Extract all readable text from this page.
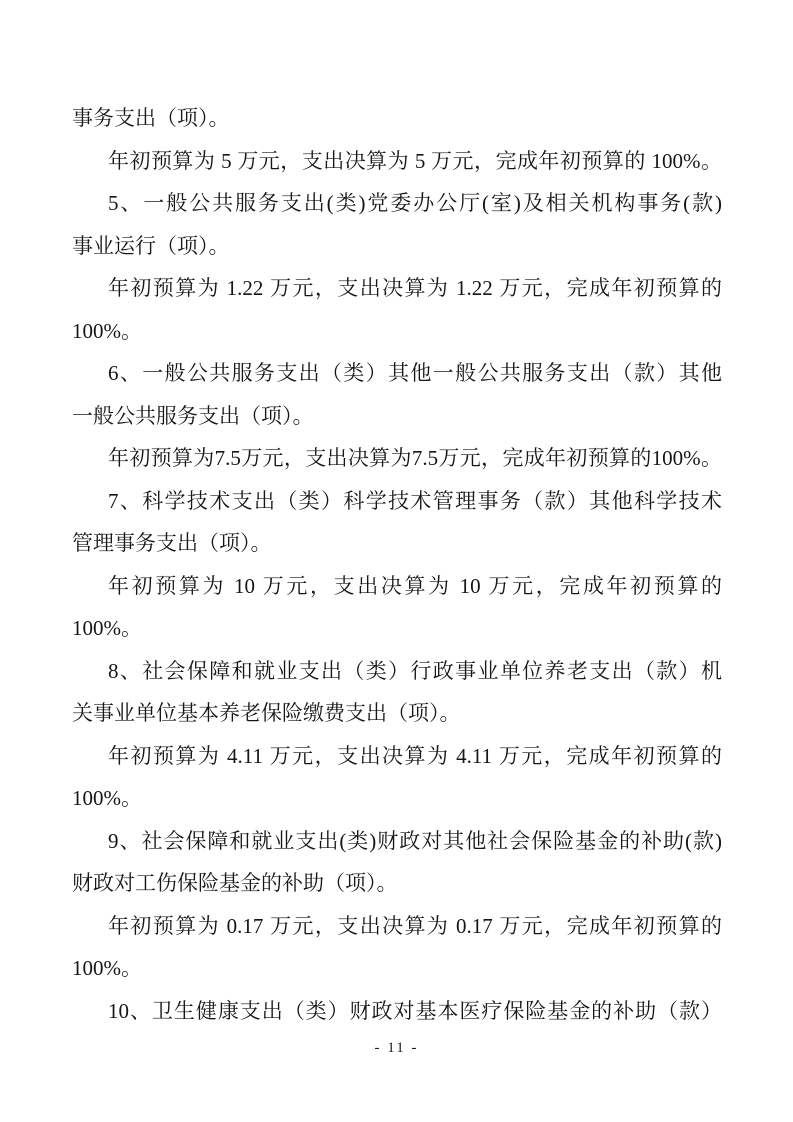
事务支出（项）。
年初预算为 5 万元，支出决算为 5 万元，完成年初预算的 100%。
5、一般公共服务支出(类)党委办公厅(室)及相关机构事务(款)
事业运行（项）。
年初预算为 1.22 万元，支出决算为 1.22 万元，完成年初预算的
100%。
6、一般公共服务支出（类）其他一般公共服务支出（款）其他
一般公共服务支出（项）。
年初预算为7.5万元，支出决算为7.5万元，完成年初预算的100%。
7、科学技术支出（类）科学技术管理事务（款）其他科学技术
管理事务支出（项）。
年初预算为 10 万元，支出决算为 10 万元，完成年初预算的
100%。
8、社会保障和就业支出（类）行政事业单位养老支出（款）机
关事业单位基本养老保险缴费支出（项）。
年初预算为 4.11 万元，支出决算为 4.11 万元，完成年初预算的
100%。
9、社会保障和就业支出(类)财政对其他社会保险基金的补助(款)
财政对工伤保险基金的补助（项）。
年初预算为 0.17 万元，支出决算为 0.17 万元，完成年初预算的
100%。
10、卫生健康支出（类）财政对基本医疗保险基金的补助（款）
- 11 -
